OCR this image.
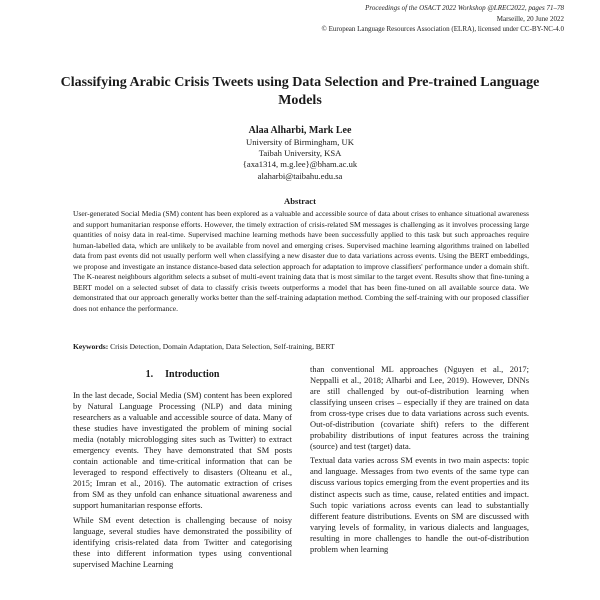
Proceedings of the OSACT 2022 Workshop @LREC2022, pages 71–78
Marseille, 20 June 2022
© European Language Resources Association (ELRA), licensed under CC-BY-NC-4.0
Classifying Arabic Crisis Tweets using Data Selection and Pre-trained Language Models
Alaa Alharbi, Mark Lee
University of Birmingham, UK
Taibah University, KSA
{axa1314, m.g.lee}@bham.ac.uk
alaharbi@taibahu.edu.sa
Abstract
User-generated Social Media (SM) content has been explored as a valuable and accessible source of data about crises to enhance situational awareness and support humanitarian response efforts. However, the timely extraction of crisis-related SM messages is challenging as it involves processing large quantities of noisy data in real-time. Supervised machine learning methods have been successfully applied to this task but such approaches require human-labelled data, which are unlikely to be available from novel and emerging crises. Supervised machine learning algorithms trained on labelled data from past events did not usually perform well when classifying a new disaster due to data variations across events. Using the BERT embeddings, we propose and investigate an instance distance-based data selection approach for adaptation to improve classifiers' performance under a domain shift. The K-nearest neighbours algorithm selects a subset of multi-event training data that is most similar to the target event. Results show that fine-tuning a BERT model on a selected subset of data to classify crisis tweets outperforms a model that has been fine-tuned on all available source data. We demonstrated that our approach generally works better than the self-training adaptation method. Combing the self-training with our proposed classifier does not enhance the performance.
Keywords: Crisis Detection, Domain Adaptation, Data Selection, Self-training, BERT
1. Introduction

In the last decade, Social Media (SM) content has been explored by Natural Language Processing (NLP) and data mining researchers as a valuable and accessible source of data. Many of these studies have investigated the problem of mining social media (notably microblogging sites such as Twitter) to extract emergency events. They have demonstrated that SM posts contain actionable and time-critical information that can be leveraged to respond effectively to disasters (Olteanu et al., 2015; Imran et al., 2016). The automatic extraction of crises from SM as they unfold can enhance situational awareness and support humanitarian response efforts.

While SM event detection is challenging because of noisy language, several studies have demonstrated the possibility of identifying crisis-related data from Twitter and categorising these into different information types using conventional supervised Machine Learning

than conventional ML approaches (Nguyen et al., 2017; Neppalli et al., 2018; Alharbi and Lee, 2019). However, DNNs are still challenged by out-of-distribution learning when classifying unseen crises – especially if they are trained on data from cross-type crises due to data variations across such events. Out-of-distribution (covariate shift) refers to the different probability distributions of input features across the training (source) and test (target) data.

Textual data varies across SM events in two main aspects: topic and language. Messages from two events of the same type can discuss various topics emerging from the event properties and its distinct aspects such as time, cause, related entities and impact. Such topic variations across events can lead to substantially different feature distributions. Events on SM are discussed with varying levels of formality, in various dialects and languages, resulting in more challenges to handle the out-of-distribution problem when learning
